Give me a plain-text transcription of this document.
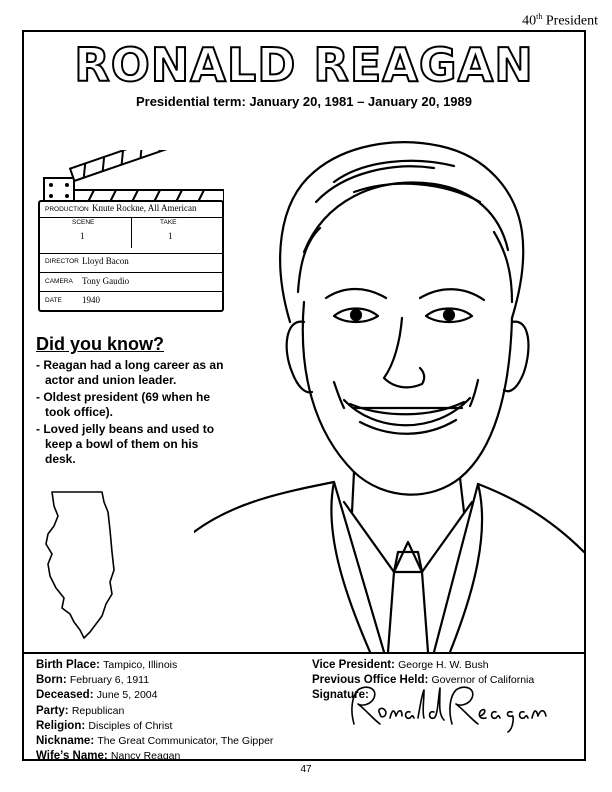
40th President
RONALD REAGAN
Presidential term: January 20, 1981 – January 20, 1989
PRODUCTION Knute Rockne, All American
SCENE
1
TAKE
1
DIRECTOR Lloyd Bacon
CAMERA Tony Gaudio
DATE 1940
Did you know?
- Reagan had a long career as an actor and union leader.
- Oldest president (69 when he took office).
- Loved jelly beans and used to keep a bowl of them on his desk.
Birth Place: Tampico, Illinois
Born: February 6, 1911
Deceased: June 5, 2004
Party: Republican
Religion: Disciples of Christ
Nickname: The Great Communicator, The Gipper
Wife’s Name: Nancy Reagan
Vice President: George H. W. Bush
Previous Office Held: Governor of California
Signature:
47
